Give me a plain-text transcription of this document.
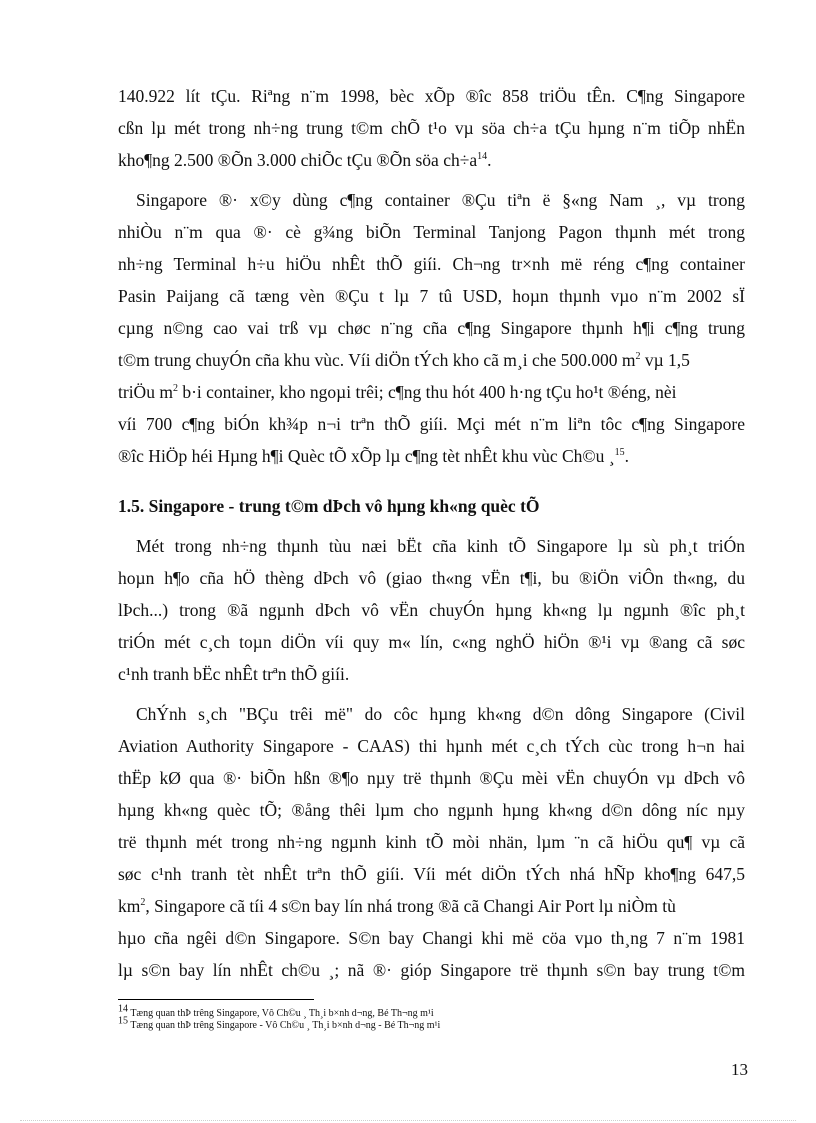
140.922 lít tÇu. Riªng n¨m 1998, bèc xÕp ®îc 858 triÖu tÊn. C¶ng Singapore
cßn lµ mét trong nh÷ng trung t©m chÕ t¹o vµ söa ch÷a tÇu hµng n¨m tiÕp nhËn
kho¶ng 2.500 ®Õn 3.000 chiÕc tÇu ®Õn söa $ch\div a^{14}$.
Singapore ®· x©y dùng c¶ng container ®Çu tiªn ë §«ng Nam ¸, vµ trong
nhiÒu n¨m qua ®· cè g¾ng biÕn Terminal Tanjong Pagon thµnh mét trong
nh÷ng Terminal h÷u hiÖu nhÊt thÕ giíi. Ch¬ng tr×nh më réng c¶ng container
Pasin Paijang cã tæng vèn ®Çu t lµ 7 tû USD, hoµn thµnh vµo n¨m 2002 sÏ
cµng n©ng cao vai trß vµ chøc n¨ng cña c¶ng Singapore thµnh h¶i c¶ng trung
t©m trung chuyÓn cña khu vùc. Víi diÖn tÝch kho cã m¸i che 500.000 $m^2$ vµ 1,5
triÖu $m^2$ b·i container, kho ngoµi trêi; c¶ng thu hót 400 h·ng tÇu ho¹t ®éng, nèi
víi 700 c¶ng biÓn kh¾p n¬i trªn thÕ giíi. Mçi mét n¨m liªn tôc c¶ng Singapore
®îc HiÖp héi Hµng h¶i Quèc tÕ xÕp lµ c¶ng tèt nhÊt khu vùc Ch©u ¸$^{15}$.
1.5. Singapore - trung t©m dÞch vô hµng kh«ng quèc tÕ
Mét trong nh÷ng thµnh tùu næi bËt cña kinh tÕ Singapore lµ sù ph¸t triÓn
hoµn h¶o cña hÖ thèng dÞch vô (giao th«ng vËn t¶i, bu ®iÖn viÔn th«ng, du
lÞch...) trong ®ã ngµnh dÞch vô vËn chuyÓn hµng kh«ng lµ ngµnh ®îc ph¸t
triÓn mét c¸ch toµn diÖn víi quy m« lín, c«ng nghÖ hiÖn ®¹i vµ ®ang cã søc
c¹nh tranh bËc nhÊt trªn thÕ giíi.
ChÝnh s¸ch "BÇu trêi më" do côc hµng kh«ng d©n dông Singapore (Civil
Aviation Authority Singapore - CAAS) thi hµnh mét c¸ch tÝch cùc trong h¬n hai
thËp kØ qua ®· biÕn hßn ®¶o nµy trë thµnh ®Çu mèi vËn chuyÓn vµ dÞch vô
hµng kh«ng quèc tÕ; ®ång thêi lµm cho ngµnh hµng kh«ng d©n dông níc nµy
trë thµnh mét trong nh÷ng ngµnh kinh tÕ mòi nhän, lµm ¨n cã hiÖu qu¶ vµ cã
søc c¹nh tranh tèt nhÊt trªn thÕ giíi. Víi mét diÖn tÝch nhá hÑp kho¶ng 647,5
$km^2$, Singapore cã tíi 4 s©n bay lín nhá trong ®ã cã Changi Air Port lµ niÒm tù
hµo cña ngêi d©n Singapore. S©n bay Changi khi më cöa vµo th¸ng 7 n¨m 1981
lµ s©n bay lín nhÊt ch©u ¸; nã ®· gióp Singapore trë thµnh s©n bay trung t©m
$^{14}$ Tæng quan thÞ trêng Singapore, Vô Ch©u ¸ Th¸i b×nh d¬ng, Bé Th¬ng m¹i
$^{15}$ Tæng quan thÞ trêng Singapore - Vô Ch©u ¸ Th¸i b×nh d¬ng - Bé Th¬ng m¹i
13
